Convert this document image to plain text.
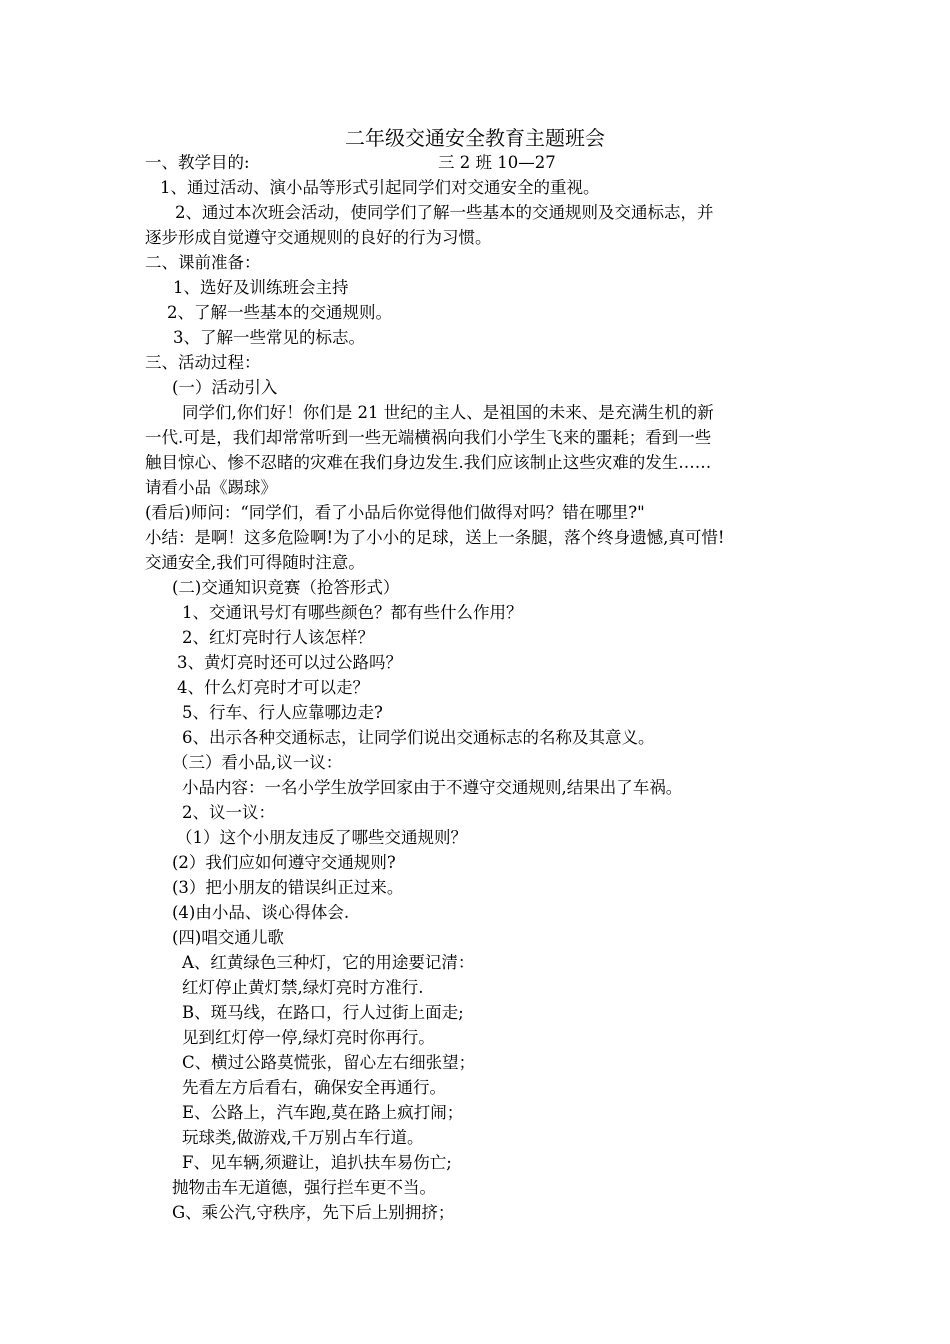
二年级交通安全教育主题班会
一、教学目的:	三 2 班 10—27
1、通过活动、演小品等形式引起同学们对交通安全的重视。
2、通过本次班会活动，使同学们了解一些基本的交通规则及交通标志，并
逐步形成自觉遵守交通规则的良好的行为习惯。
二、课前准备：
1、选好及训练班会主持
2、了解一些基本的交通规则。
3、了解一些常见的标志。
三、活动过程：
(一）活动引入
同学们,你们好！你们是 21 世纪的主人、是祖国的未来、是充满生机的新
一代.可是，我们却常常听到一些无端横祸向我们小学生飞来的噩耗；看到一些
触目惊心、惨不忍睹的灾难在我们身边发生.我们应该制止这些灾难的发生……
请看小品《踢球》
(看后)师问：“同学们，看了小品后你觉得他们做得对吗？错在哪里?"
小结：是啊！这多危险啊!为了小小的足球，送上一条腿，落个终身遗憾,真可惜!
交通安全,我们可得随时注意。
(二)交通知识竞赛（抢答形式）
1、交通讯号灯有哪些颜色？都有些什么作用？
2、红灯亮时行人该怎样？
3、黄灯亮时还可以过公路吗？
4、什么灯亮时才可以走？
5、行车、行人应靠哪边走?
6、出示各种交通标志，让同学们说出交通标志的名称及其意义。
（三）看小品,议一议：
小品内容：一名小学生放学回家由于不遵守交通规则,结果出了车祸。
2、议一议：
（1）这个小朋友违反了哪些交通规则？
(2）我们应如何遵守交通规则?
(3）把小朋友的错误纠正过来。
(4)由小品、谈心得体会.
(四)唱交通儿歌
A、红黄绿色三种灯，它的用途要记清：
红灯停止黄灯禁,绿灯亮时方准行.
B、斑马线，在路口，行人过街上面走;
见到红灯停一停,绿灯亮时你再行。
C、横过公路莫慌张，留心左右细张望；
先看左方后看右，确保安全再通行。
E、公路上，汽车跑,莫在路上疯打闹；
玩球类,做游戏,千万别占车行道。
F、见车辆,须避让，追扒扶车易伤亡;
抛物击车无道德，强行拦车更不当。
G、乘公汽,守秩序，先下后上别拥挤；
